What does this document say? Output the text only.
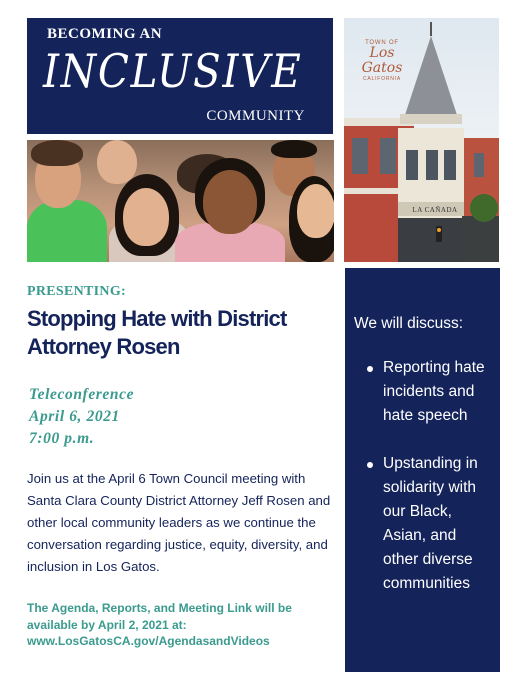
BECOMING AN
INCLUSIVE
COMMUNITY
LA CAÑADA
TOWN OF
Los Gatos
CALIFORNIA
PRESENTING:
Stopping Hate with District Attorney Rosen
Teleconference
April 6, 2021
7:00 p.m.
Join us at the April 6 Town Council meeting with Santa Clara County District Attorney Jeff Rosen and other local community leaders as we continue the conversation regarding justice, equity, diversity, and inclusion in Los Gatos.
The Agenda, Reports, and Meeting Link will be available by April 2, 2021 at: www.LosGatosCA.gov/AgendasandVideos
We will discuss:
Reporting hate incidents and hate speech
Upstanding in solidarity with our Black, Asian, and other diverse communities
